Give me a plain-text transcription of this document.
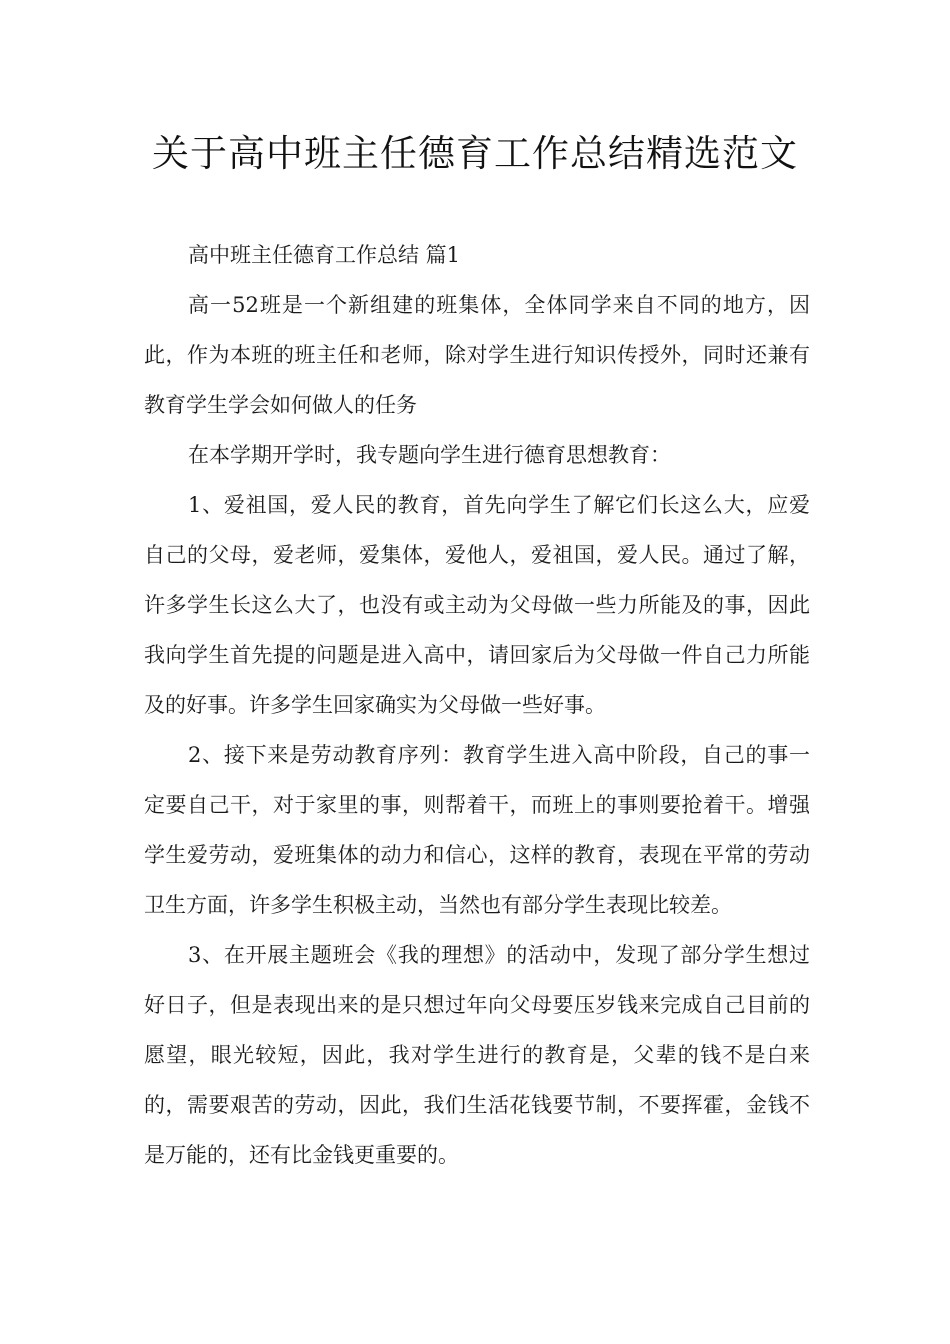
关于高中班主任德育工作总结精选范文

高中班主任德育工作总结 篇1

高一52班是一个新组建的班集体，全体同学来自不同的地方，因此，作为本班的班主任和老师，除对学生进行知识传授外，同时还兼有教育学生学会如何做人的任务

在本学期开学时，我专题向学生进行德育思想教育：

1、爱祖国，爱人民的教育，首先向学生了解它们长这么大，应爱自己的父母，爱老师，爱集体，爱他人，爱祖国，爱人民。通过了解，许多学生长这么大了，也没有或主动为父母做一些力所能及的事，因此我向学生首先提的问题是进入高中，请回家后为父母做一件自己力所能及的好事。许多学生回家确实为父母做一些好事。

2、接下来是劳动教育序列：教育学生进入高中阶段，自己的事一定要自己干，对于家里的事，则帮着干，而班上的事则要抢着干。增强学生爱劳动，爱班集体的动力和信心，这样的教育，表现在平常的劳动卫生方面，许多学生积极主动，当然也有部分学生表现比较差。

3、在开展主题班会《我的理想》的活动中，发现了部分学生想过好日子，但是表现出来的是只想过年向父母要压岁钱来完成自己目前的愿望，眼光较短，因此，我对学生进行的教育是，父辈的钱不是白来的，需要艰苦的劳动，因此，我们生活花钱要节制，不要挥霍，金钱不是万能的，还有比金钱更重要的。
